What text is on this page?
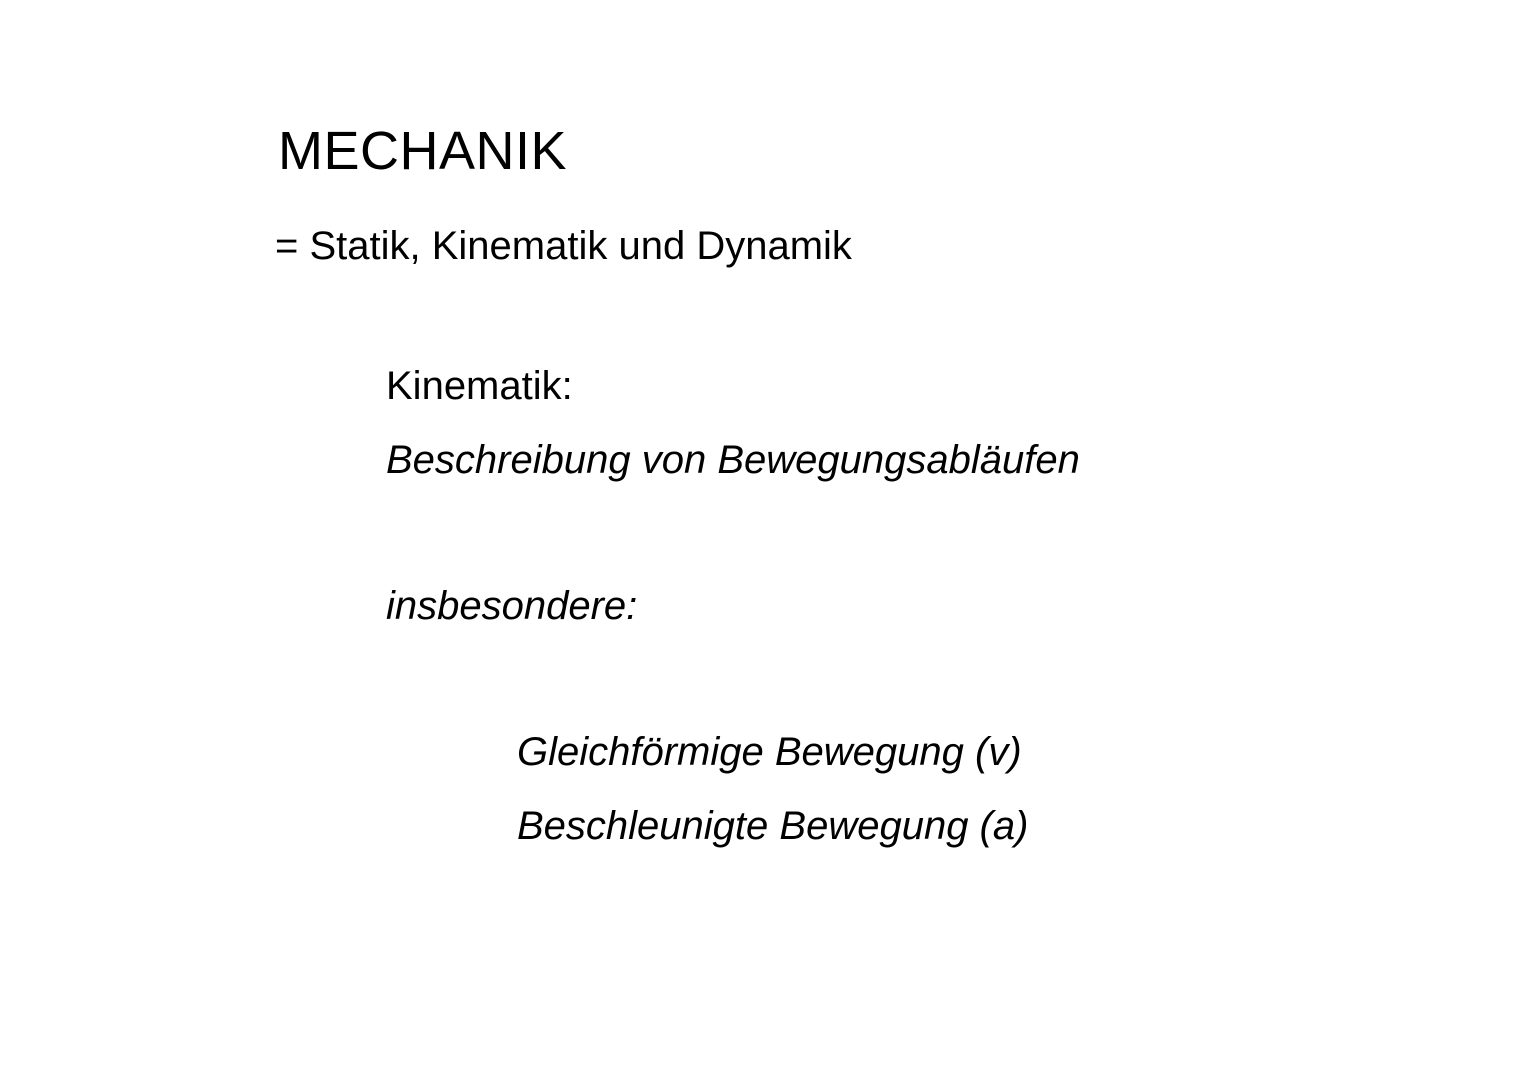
MECHANIK
= Statik, Kinematik und Dynamik
Kinematik:
Beschreibung von Bewegungsabläufen
insbesondere:
Gleichförmige Bewegung (v)
Beschleunigte Bewegung (a)
